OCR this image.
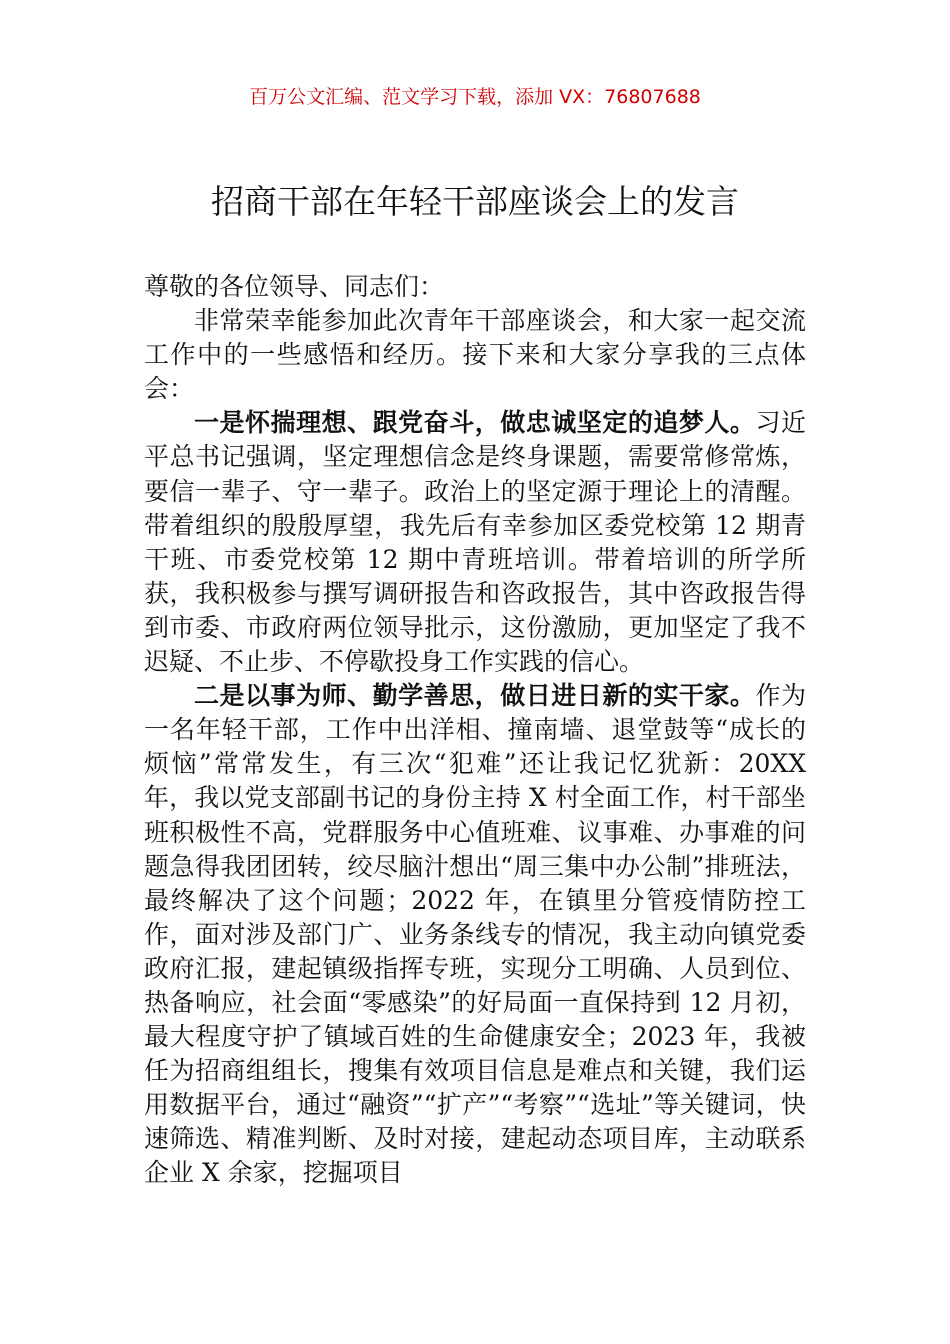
百万公文汇编、范文学习下载，添加 VX：76807688
招商干部在年轻干部座谈会上的发言

尊敬的各位领导、同志们：

非常荣幸能参加此次青年干部座谈会，和大家一起交流工作中的一些感悟和经历。接下来和大家分享我的三点体会：

一是怀揣理想、跟党奋斗，做忠诚坚定的追梦人。习近平总书记强调，坚定理想信念是终身课题，需要常修常炼，要信一辈子、守一辈子。政治上的坚定源于理论上的清醒。带着组织的殷殷厚望，我先后有幸参加区委党校第 12 期青干班、市委党校第 12 期中青班培训。带着培训的所学所获，我积极参与撰写调研报告和咨政报告，其中咨政报告得到市委、市政府两位领导批示，这份激励，更加坚定了我不迟疑、不止步、不停歇投身工作实践的信心。

二是以事为师、勤学善思，做日进日新的实干家。作为一名年轻干部，工作中出洋相、撞南墙、退堂鼓等“成长的烦恼”常常发生，有三次“犯难”还让我记忆犹新：20XX 年，我以党支部副书记的身份主持 X 村全面工作，村干部坐班积极性不高，党群服务中心值班难、议事难、办事难的问题急得我团团转，绞尽脑汁想出“周三集中办公制”排班法，最终解决了这个问题；2022 年，在镇里分管疫情防控工作，面对涉及部门广、业务条线专的情况，我主动向镇党委政府汇报，建起镇级指挥专班，实现分工明确、人员到位、热备响应，社会面“零感染”的好局面一直保持到 12 月初，最大程度守护了镇域百姓的生命健康安全；2023 年，我被任为招商组组长，搜集有效项目信息是难点和关键，我们运用数据平台，通过“融资”“扩产”“考察”“选址”等关键词，快速筛选、精准判断、及时对接，建起动态项目库，主动联系企业 X 余家，挖掘项目
